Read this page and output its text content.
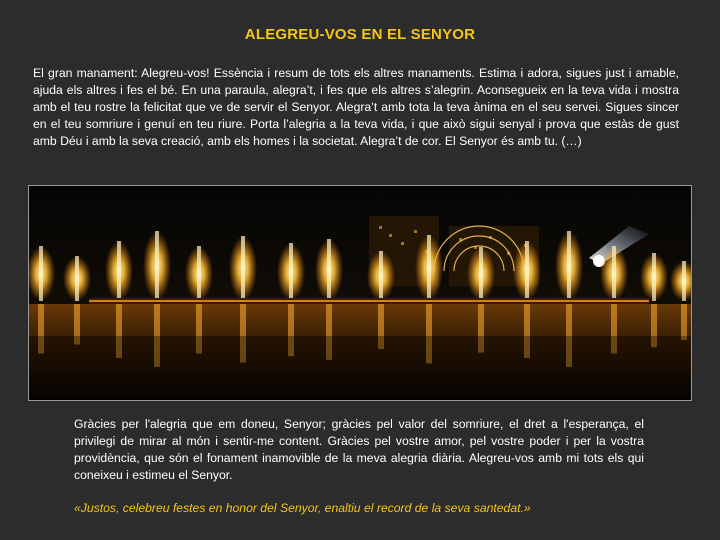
ALEGREU-VOS EN EL SENYOR

El gran manament: Alegreu-vos! Essència i resum de tots els altres manaments. Estima i adora, sigues just i amable, ajuda els altres i fes el bé. En una paraula, alegra’t, i fes que els altres s’alegrin. Aconsegueix en la teva vida i mostra amb el teu rostre la felicitat que ve de servir el Senyor. Alegra’t amb tota la teva ànima en el seu servei. Sigues sincer en el teu somriure i genuí en teu riure. Porta l’alegria a la teva vida, i que això sigui senyal i prova que estàs de gust amb Déu i amb la seva creació, amb els homes i la societat. Alegra’t de cor. El Senyor és amb tu. (…)

Gràcies per l'alegria que em doneu, Senyor; gràcies pel valor del somriure, el dret a l'esperança, el privilegi de mirar al món i sentir-me content. Gràcies pel vostre amor, pel vostre poder i per la vostra providència, que són el fonament inamovible de la meva alegria diària. Alegreu-vos amb mi tots els qui coneixeu i estimeu el Senyor.

«Justos, celebreu festes en honor del Senyor, enaltiu el record de la seva santedat.»
